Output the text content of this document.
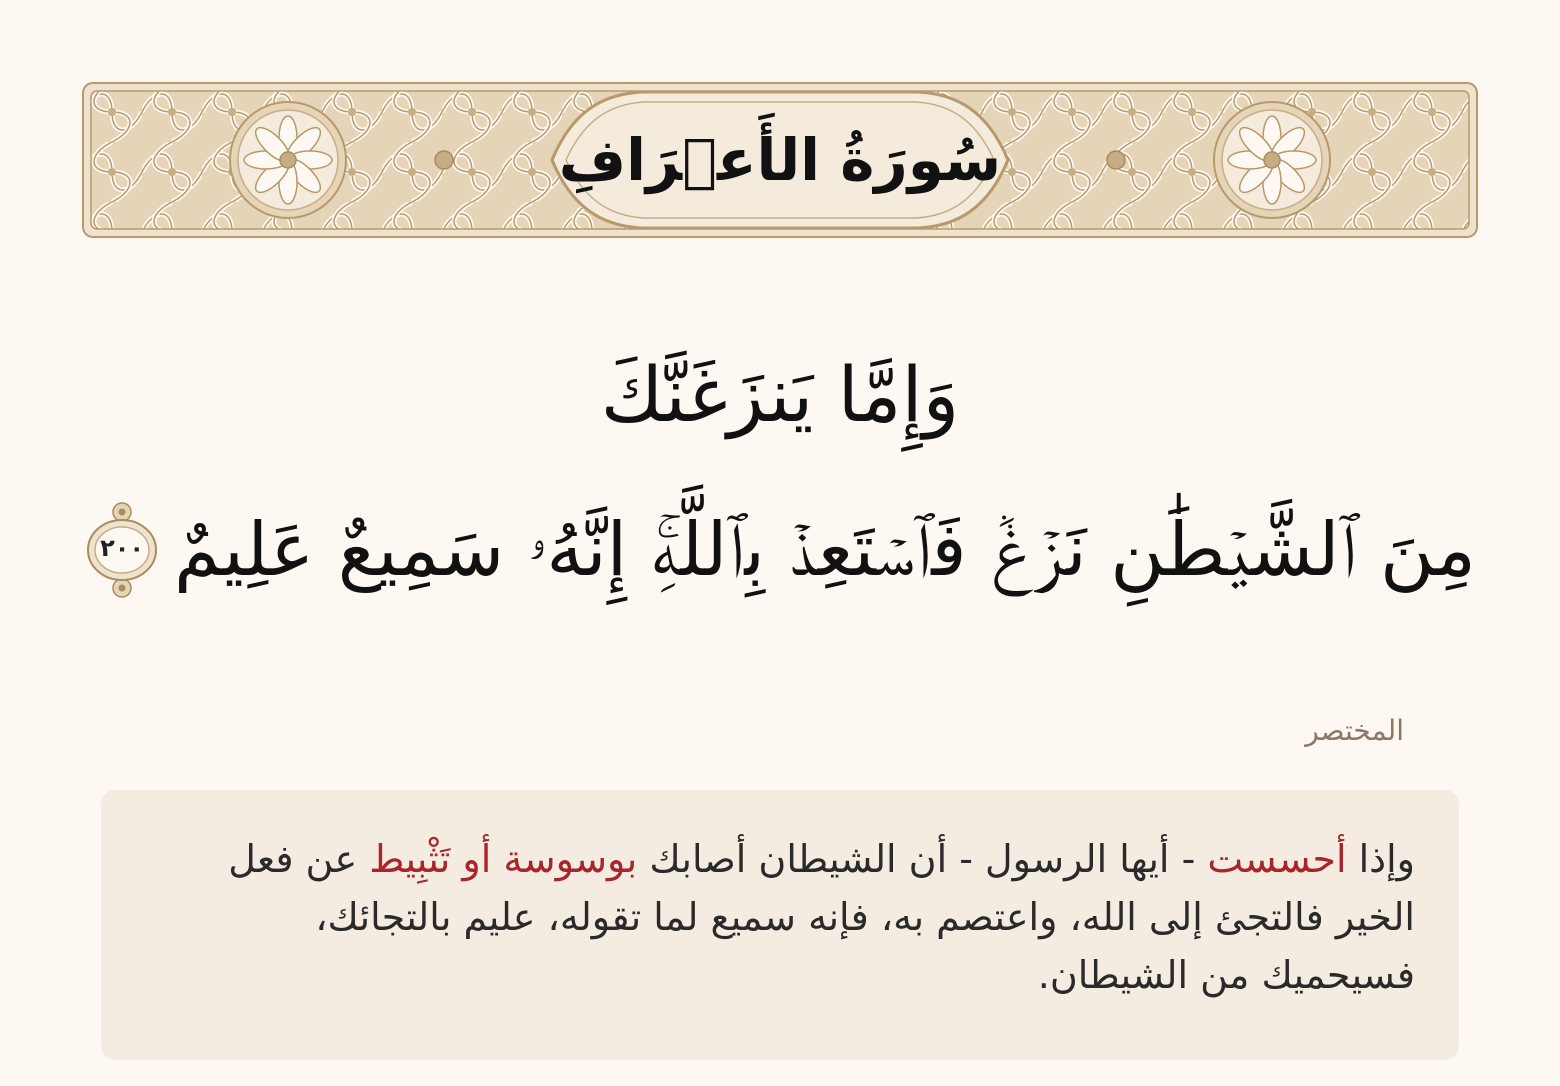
سُورَةُ الأَعۡرَافِ
وَإِمَّا يَنزَغَنَّكَ
مِنَ ٱلشَّيۡطَٰنِ نَزۡغٞ فَٱسۡتَعِذۡ بِٱللَّهِۚ إِنَّهُۥ سَمِيعٌ عَلِيمٌ
٢٠٠
المختصر
وإذا أحسست - أيها الرسول - أن الشيطان أصابك بوسوسة أو تَثْبِيط عن فعل الخير فالتجئ إلى الله، واعتصم به، فإنه سميع لما تقوله، عليم بالتجائك، فسيحميك من الشيطان.
